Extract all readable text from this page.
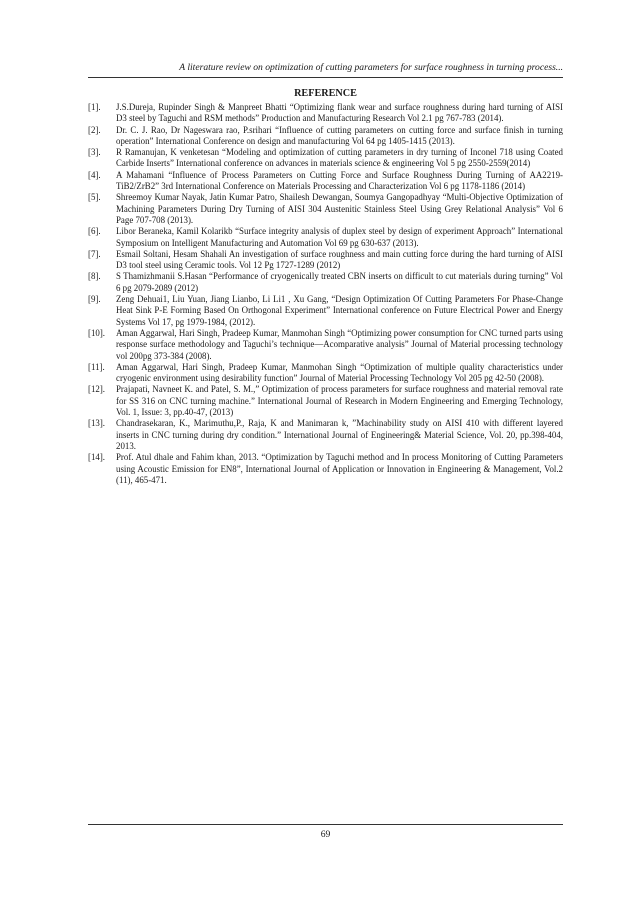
A literature review on optimization of cutting parameters for surface roughness in turning process...
REFERENCE
[1].	J.S.Dureja, Rupinder Singh & Manpreet Bhatti “Optimizing flank wear and surface roughness during hard turning of AISI D3 steel by Taguchi and RSM methods” Production and Manufacturing Research Vol 2.1 pg 767-783 (2014).
[2].	Dr. C. J. Rao, Dr Nageswara rao, P.srihari “Influence of cutting parameters on cutting force and surface finish in turning operation” International Conference on design and manufacturing Vol 64 pg 1405-1415 (2013).
[3].	R Ramanujan, K venketesan “Modeling and optimization of cutting parameters in dry turning of Inconel 718 using Coated Carbide Inserts” International conference on advances in materials science & engineering Vol 5 pg 2550-2559(2014)
[4].	A Mahamani “Influence of Process Parameters on Cutting Force and Surface Roughness During Turning of AA2219-TiB2/ZrB2” 3rd International Conference on Materials Processing and Characterization Vol 6 pg 1178-1186 (2014)
[5].	Shreemoy Kumar Nayak, Jatin Kumar Patro, Shailesh Dewangan, Soumya Gangopadhyay “Multi-Objective Optimization of Machining Parameters During Dry Turning of AISI 304 Austenitic Stainless Steel Using Grey Relational Analysis” Vol 6 Page 707-708 (2013).
[6].	Libor Beraneka, Kamil Kolarikb “Surface integrity analysis of duplex steel by design of experiment Approach” International Symposium on Intelligent Manufacturing and Automation Vol 69 pg 630-637 (2013).
[7].	Esmail Soltani, Hesam Shahali An investigation of surface roughness and main cutting force during the hard turning of AISI D3 tool steel using Ceramic tools. Vol 12 Pg 1727-1289 (2012)
[8].	S Thamizhmanii S.Hasan “Performance of cryogenically treated CBN inserts on difficult to cut materials during turning” Vol 6 pg 2079-2089 (2012)
[9].	Zeng Dehuai1, Liu Yuan, Jiang Lianbo, Li Li1 , Xu Gang, “Design Optimization Of Cutting Parameters For Phase-Change Heat Sink P-E Forming Based On Orthogonal Experiment” International conference on Future Electrical Power and Energy Systems Vol 17, pg 1979-1984, (2012).
[10].	Aman Aggarwal, Hari Singh, Pradeep Kumar, Manmohan Singh “Optimizing power consumption for CNC turned parts using response surface methodology and Taguchi’s technique—Acomparative analysis” Journal of Material processing technology vol 200pg 373-384 (2008).
[11].	Aman Aggarwal, Hari Singh, Pradeep Kumar, Manmohan Singh “Optimization of multiple quality characteristics under cryogenic environment using desirability function” Journal of Material Processing Technology Vol 205 pg 42-50 (2008).
[12].	Prajapati, Navneet K. and Patel, S. M.,” Optimization of process parameters for surface roughness and material removal rate for SS 316 on CNC turning machine.” International Journal of Research in Modern Engineering and Emerging Technology, Vol. 1, Issue: 3, pp.40-47, (2013)
[13].	Chandrasekaran, K., Marimuthu,P., Raja, K and Manimaran k, ”Machinability study on AISI 410 with different layered inserts in CNC turning during dry condition.” International Journal of Engineering& Material Science, Vol. 20, pp.398-404, 2013.
[14].	Prof. Atul dhale and Fahim khan, 2013. “Optimization by Taguchi method and In process Monitoring of Cutting Parameters using Acoustic Emission for EN8”, International Journal of Application or Innovation in Engineering & Management, Vol.2 (11), 465-471.
69
